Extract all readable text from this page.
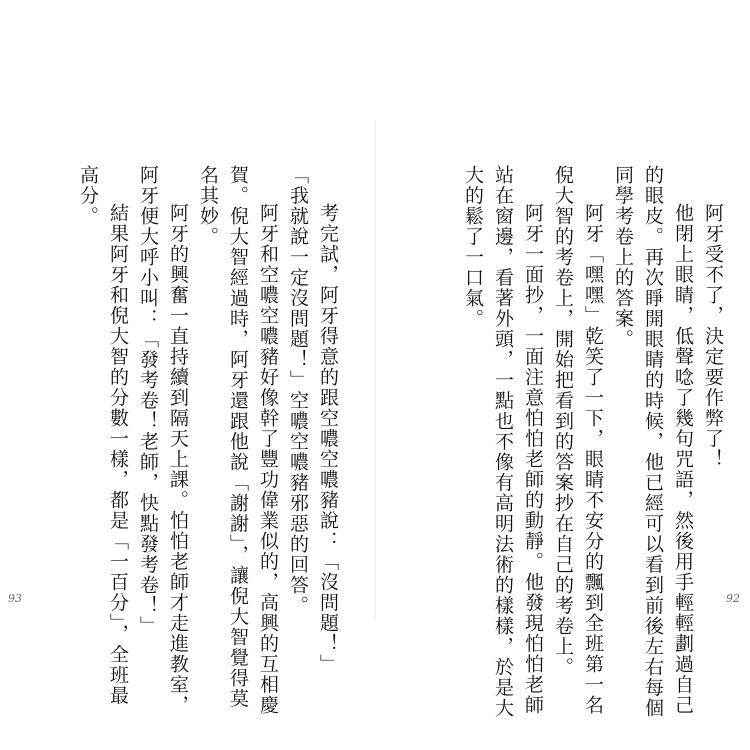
考完試，阿牙得意的跟空噥空噥豬說：「沒問題！」
「我就說一定沒問題！」空噥空噥豬邪惡的回答。
阿牙和空噥空噥豬好像幹了豐功偉業似的，高興的互相慶
賀。倪大智經過時，阿牙還跟他說「謝謝」，讓倪大智覺得莫
名其妙。
阿牙的興奮一直持續到隔天上課。怕怕老師才走進教室，
阿牙便大呼小叫：「發考卷！老師，快點發考卷！」
結果阿牙和倪大智的分數一樣，都是「一百分」，全班最
高分。
93
阿牙受不了，決定要作弊了！
他閉上眼睛，低聲唸了幾句咒語，然後用手輕輕劃過自己
的眼皮。再次睜開眼睛的時候，他已經可以看到前後左右每個
同學考卷上的答案。
阿牙「嘿嘿」乾笑了一下，眼睛不安分的飄到全班第一名
倪大智的考卷上，開始把看到的答案抄在自己的考卷上。
阿牙一面抄，一面注意怕怕老師的動靜。他發現怕怕老師
站在窗邊，看著外頭，一點也不像有高明法術的樣樣，於是大
大的鬆了一口氣。
92
